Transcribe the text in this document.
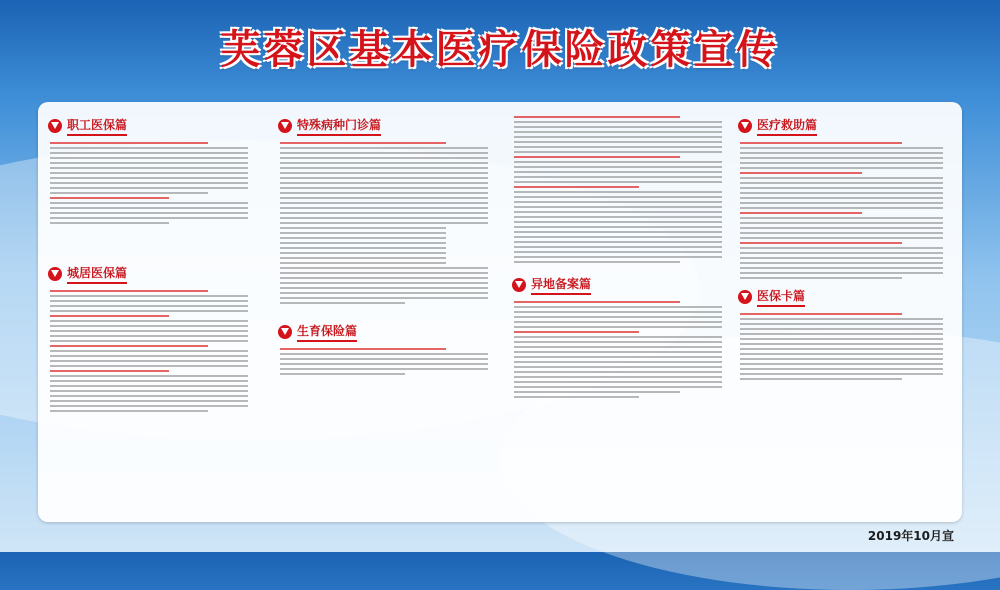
芙蓉区基本医疗保险政策宣传
职工医保篇
城居医保篇
特殊病种门诊篇
生育保险篇
异地备案篇
医疗救助篇
医保卡篇
2019年10月宣
